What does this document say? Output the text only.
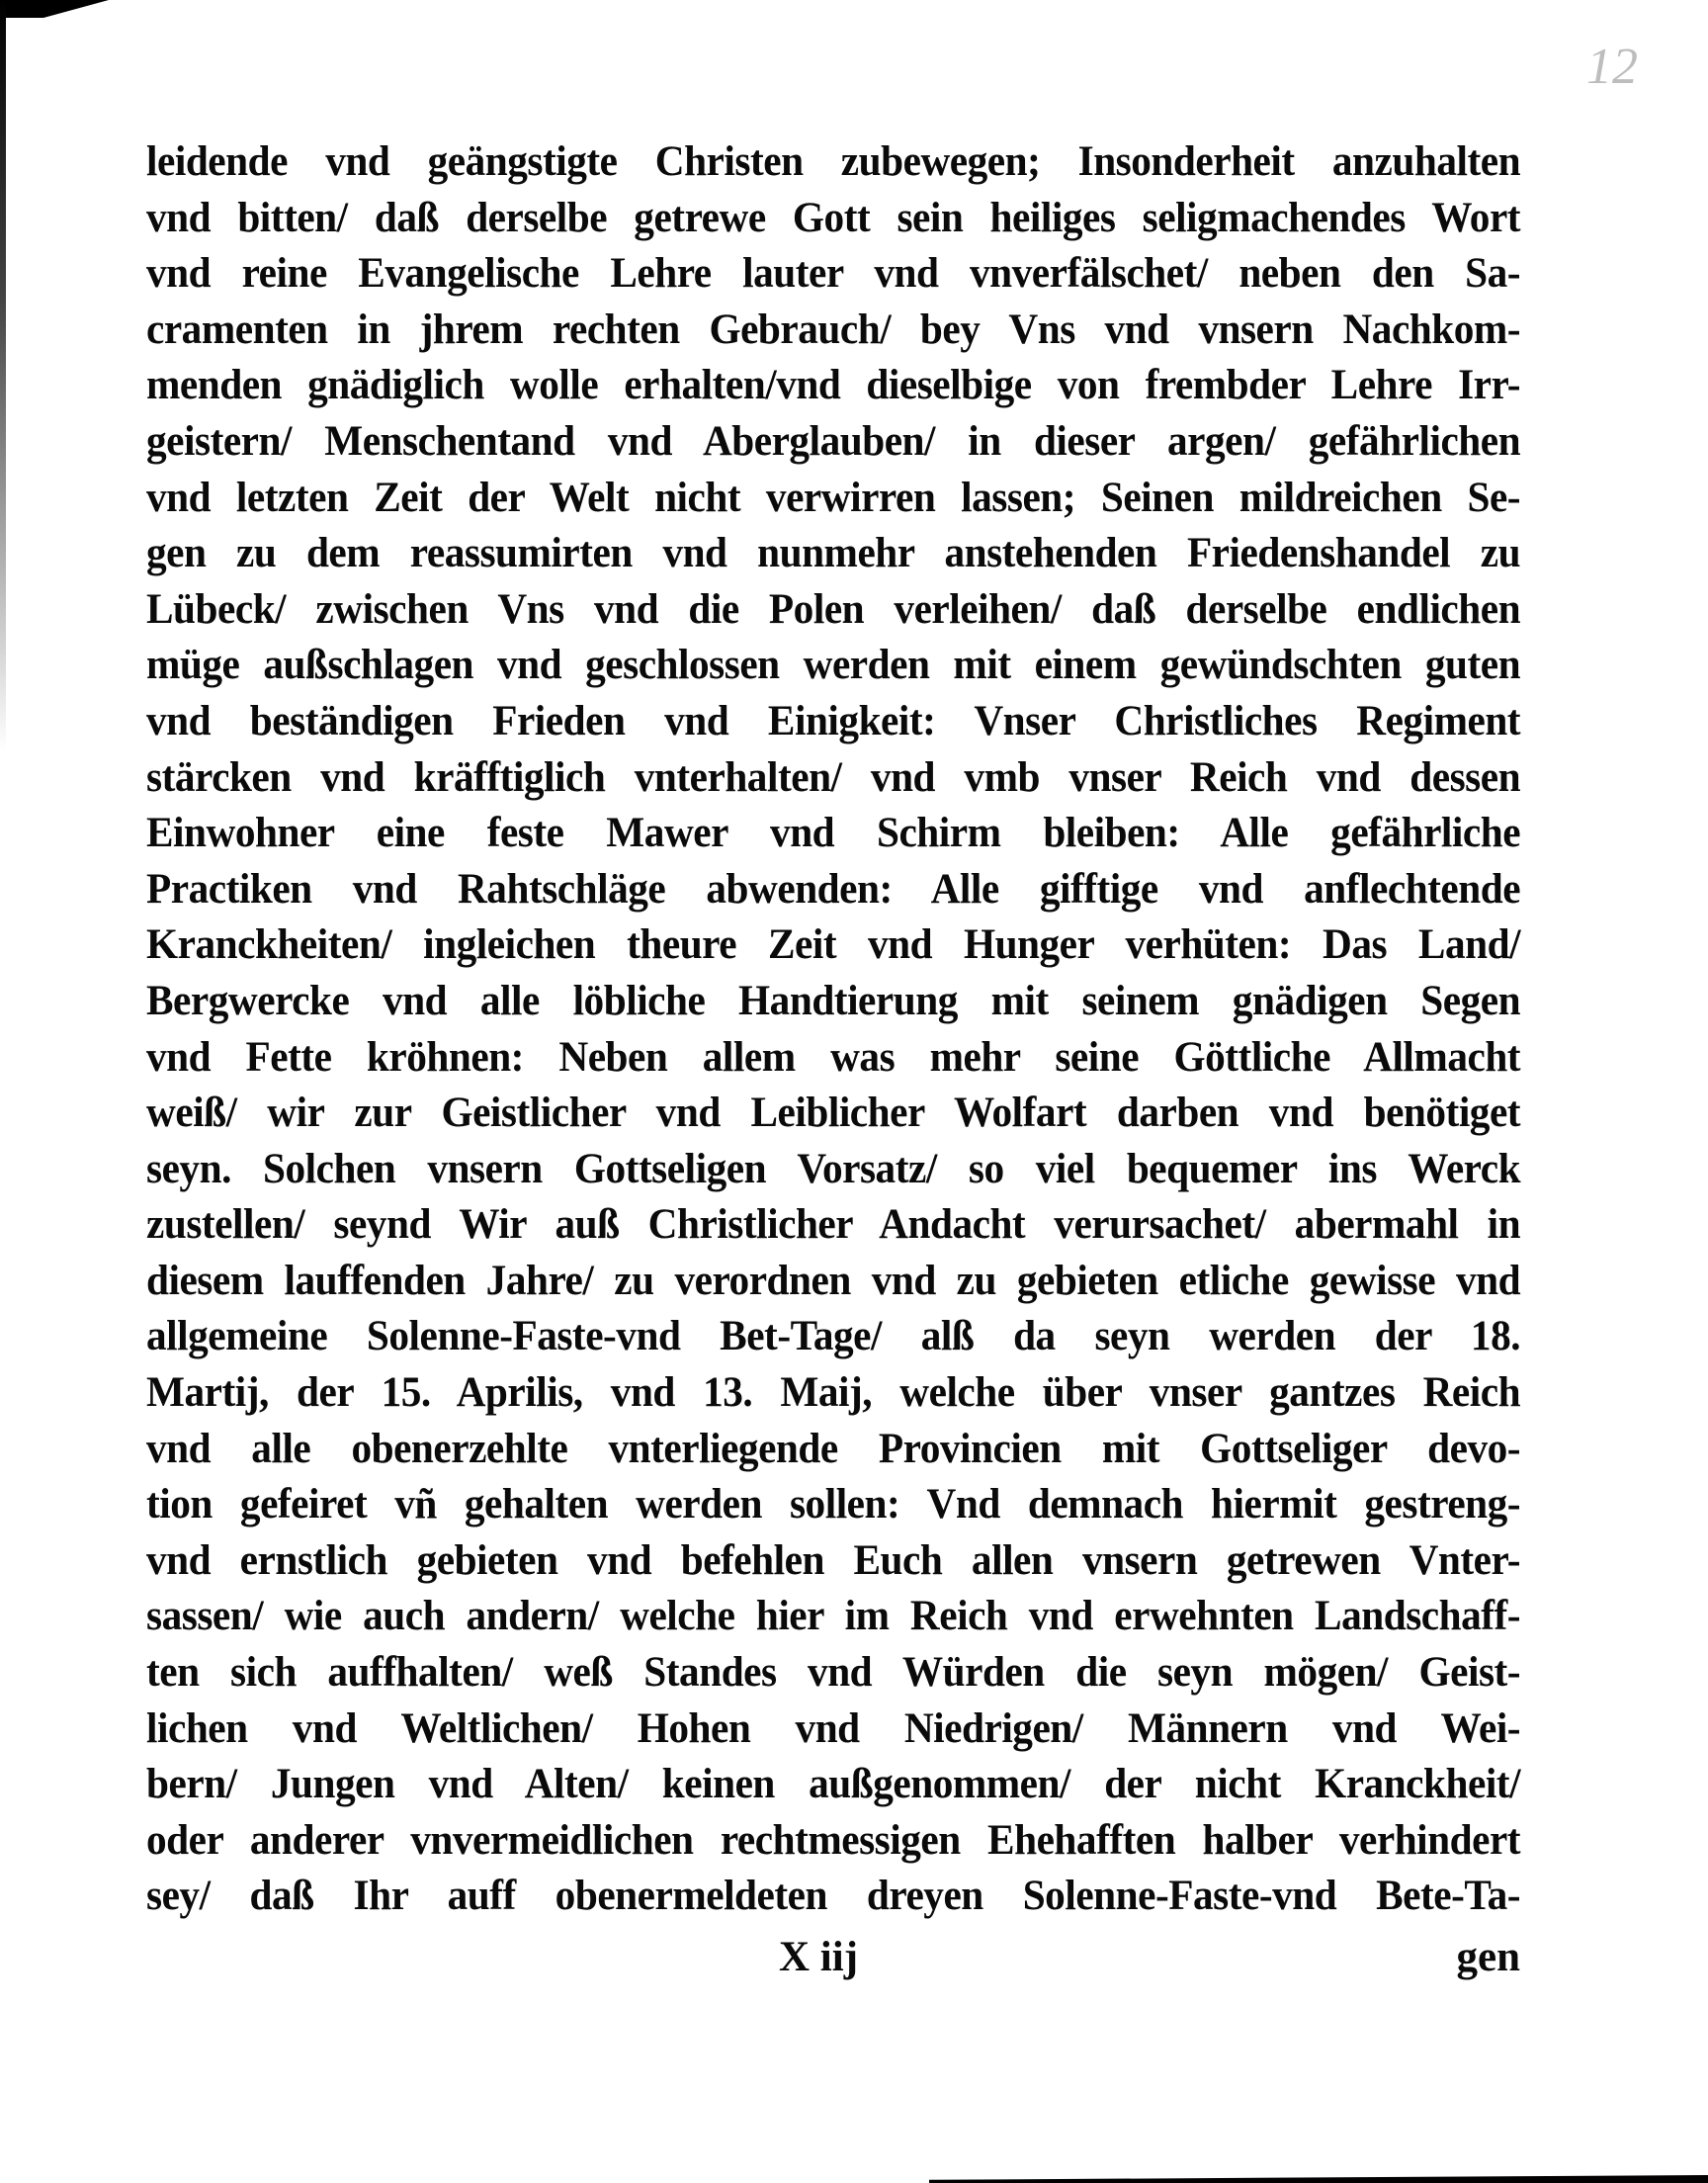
12
leidende vnd geängstigte Christen zubewegen; Insonderheit anzuhalten
vnd bitten/ daß derselbe getrewe Gott sein heiliges seligmachendes Wort
vnd reine Evangelische Lehre lauter vnd vnverfälschet/ neben den Sa-
cramenten in jhrem rechten Gebrauch/ bey Vns vnd vnsern Nachkom-
menden gnädiglich wolle erhalten/vnd dieselbige von frembder Lehre Irr-
geistern/ Menschentand vnd Aberglauben/ in dieser argen/ gefährlichen
vnd letzten Zeit der Welt nicht verwirren lassen; Seinen mildreichen Se-
gen zu dem reassumirten vnd nunmehr anstehenden Friedenshandel zu
Lübeck/ zwischen Vns vnd die Polen verleihen/ daß derselbe endlichen
müge außschlagen vnd geschlossen werden mit einem gewündschten guten
vnd beständigen Frieden vnd Einigkeit: Vnser Christliches Regiment
stärcken vnd kräfftiglich vnterhalten/ vnd vmb vnser Reich vnd dessen
Einwohner eine feste Mawer vnd Schirm bleiben: Alle gefährliche
Practiken vnd Rahtschläge abwenden: Alle gifftige vnd anflechtende
Kranckheiten/ ingleichen theure Zeit vnd Hunger verhüten: Das Land/
Bergwercke vnd alle löbliche Handtierung mit seinem gnädigen Segen
vnd Fette kröhnen: Neben allem was mehr seine Göttliche Allmacht
weiß/ wir zur Geistlicher vnd Leiblicher Wolfart darben vnd benötiget
seyn. Solchen vnsern Gottseligen Vorsatz/ so viel bequemer ins Werck
zustellen/ seynd Wir auß Christlicher Andacht verursachet/ abermahl in
diesem lauffenden Jahre/ zu verordnen vnd zu gebieten etliche gewisse vnd
allgemeine Solenne-Faste-vnd Bet-Tage/ alß da seyn werden der 18.
Martij, der 15. Aprilis, vnd 13. Maij, welche über vnser gantzes Reich
vnd alle obenerzehlte vnterliegende Provincien mit Gottseliger devo-
tion gefeiret vñ gehalten werden sollen: Vnd demnach hiermit gestreng-
vnd ernstlich gebieten vnd befehlen Euch allen vnsern getrewen Vnter-
sassen/ wie auch andern/ welche hier im Reich vnd erwehnten Landschaff-
ten sich auffhalten/ weß Standes vnd Würden die seyn mögen/ Geist-
lichen vnd Weltlichen/ Hohen vnd Niedrigen/ Männern vnd Wei-
bern/ Jungen vnd Alten/ keinen außgenommen/ der nicht Kranckheit/
oder anderer vnvermeidlichen rechtmessigen Ehehafften halber verhindert
sey/ daß Ihr auff obenermeldeten dreyen Solenne-Faste-vnd Bete-Ta-
X iij	gen
